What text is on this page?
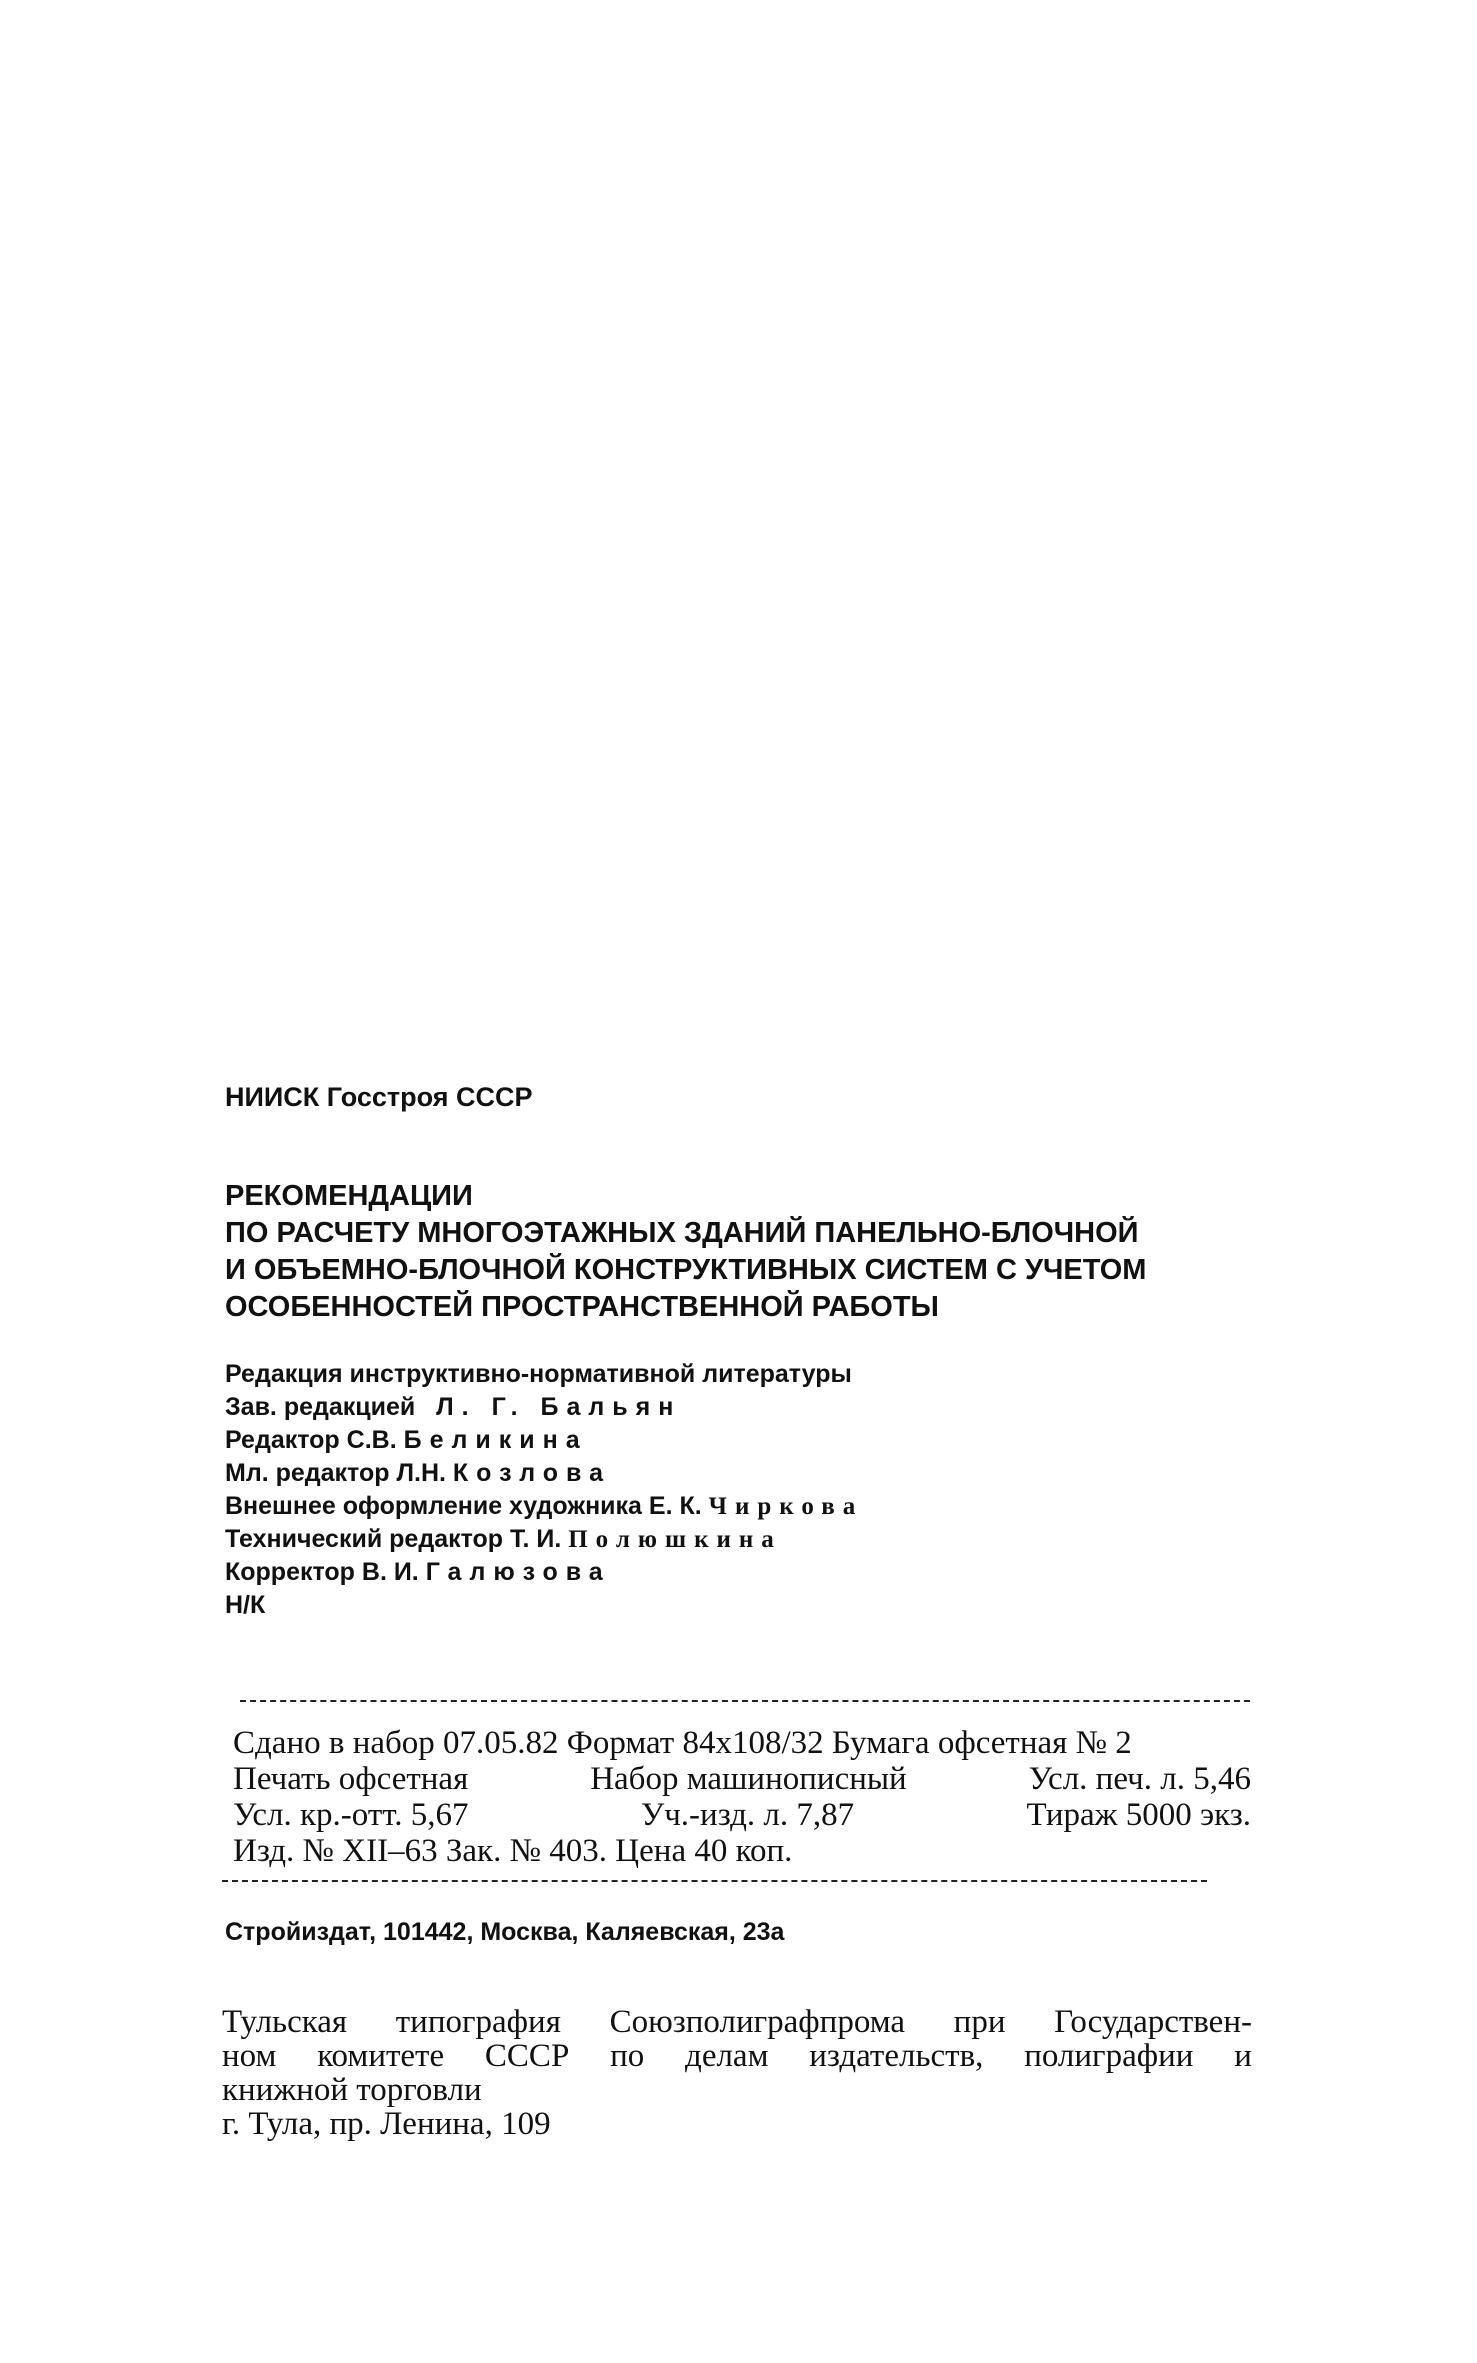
НИИСК Госстроя СССР
РЕКОМЕНДАЦИИ
ПО РАСЧЕТУ МНОГОЭТАЖНЫХ ЗДАНИЙ ПАНЕЛЬНО-БЛОЧНОЙ
И ОБЪЕМНО-БЛОЧНОЙ КОНСТРУКТИВНЫХ СИСТЕМ С УЧЕТОМ
ОСОБЕННОСТЕЙ ПРОСТРАНСТВЕННОЙ РАБОТЫ
Редакция инструктивно-нормативной литературы
Зав. редакцией Л. Г. Бальян
Редактор С.В. Беликина
Мл. редактор Л.Н. Козлова
Внешнее оформление художника Е. К. Чиркова
Технический редактор Т. И. Полюшкина
Корректор В. И. Галюзова
Н/К
Сдано в набор 07.05.82 Формат 84x108/32 Бумага офсетная № 2
Печать офсетная	Набор машинописный	Усл. печ. л. 5,46
Усл. кр.-отт. 5,67	Уч.-изд. л. 7,87	Тираж 5000 экз.
Изд. № XII–63 Зак. № 403. Цена 40 коп.
Стройиздат, 101442, Москва, Каляевская, 23а
Тульская типография Союзполиграфпрома при Государствен-
ном комитете СССР по делам издательств, полиграфии и
книжной торговли
г. Тула, пр. Ленина, 109
